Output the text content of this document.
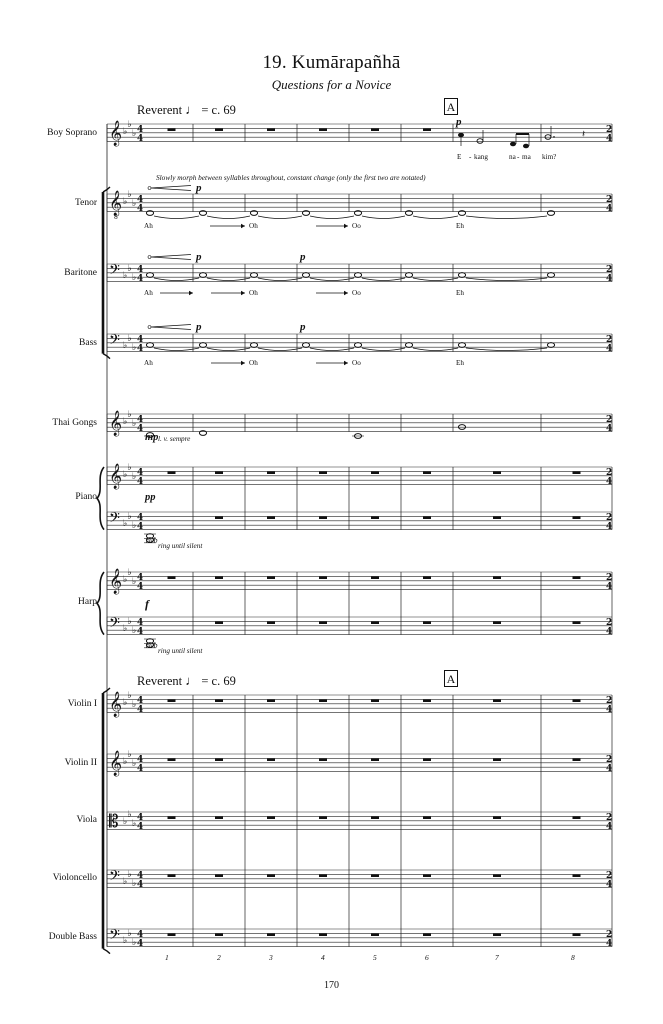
𝄞 ♭
♭
♭ 4
4
2
4
𝄞
8
♭
♭
♭ 4
4
2
4
𝄢 ♭
♭
♭
4
4
2
4
𝄢 ♭
♭
♭
4
4
2
4
𝄞 ♭
♭
♭ 4
4
2
4
𝄞 ♭
♭
♭ 4
4
2
4
𝄢 ♭
♭
♭
4
4
2
4
𝄞 ♭
♭
♭ 4
4
2
4
𝄢 ♭
♭
♭
4
4
2
4
𝄞 ♭
♭
♭ 4
4
2
4
𝄞 ♭
♭
♭ 4
4
2
4
𝄡 ♭
♭
♭
4
4
2
4
𝄢 ♭
♭
♭
4
4
2
4
𝄢 ♭
♭
♭
4
4
2
4
𝄽
19. Kumārapañhā
Questions for a Novice
Reverent ♩ = c. 69	A
Reverent ♩ = c. 69	A
Boy Soprano
Tenor
Baritone
Bass
Thai Gongs
Piano
Harp
Violin I
Violin II
Viola
Violoncello
Double Bass
Slowly morph between syllables throughout, constant change (only the first two are notated)
E - kang	na - ma kim?
Ah	Oh	Oo	Eh
Ah	Oh	Oo	Eh
Ah	Oh	Oo	Eh
p
p
p	p
p	p
mp l. v. sempre
pp
f
8vb
ring until silent
8vb
ring until silent
1	2	3	4	5	6	7	8
170
